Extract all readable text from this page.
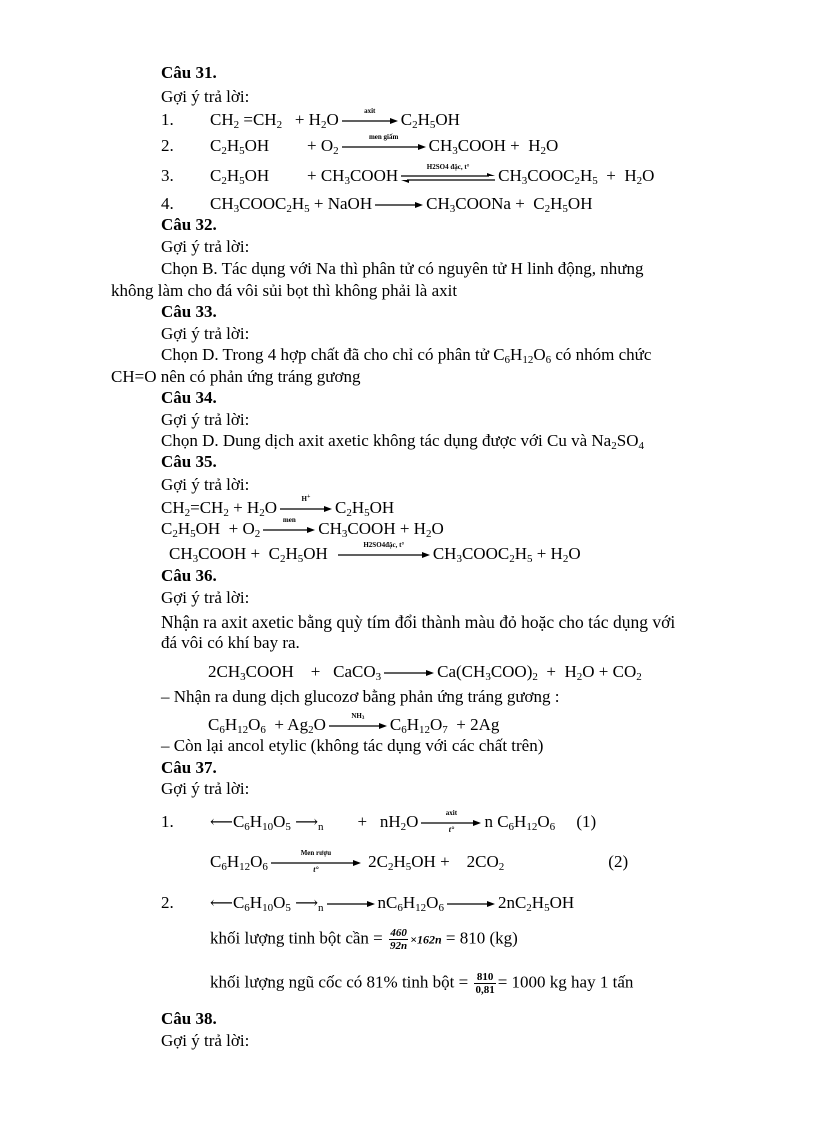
Câu 31.
Gợi ý trả lời:
1. $CH_2 =CH_2 + H_2O$	axit	$C_2H_5OH$
2. $C_2H_5OH + O_2$
men giấm	$CH_3COOH + H_2O$
3. $C_2H_5OH$ + $CH_3COOH$	H2SO4 đặc, t°	$CH_3COOC_2H_5 + H_2O$
4. $CH_3COOC_2H_5$ + NaOH	$CH_3COONa + C_2H_5OH$
Câu 32.
Gợi ý trả lời:
Chọn B. Tác dụng với Na thì phân tử có nguyên tử H linh động, nhưng
không làm cho đá vôi sủi bọt thì không phải là axit
Câu 33.
Gợi ý trả lời:
Chọn D. Trong 4 hợp chất đã cho chỉ có phân tử $C_6H_{12}O_6$ có nhóm chức
CH=O nên có phản ứng tráng gương
Câu 34.
Gợi ý trả lời:
Chọn D. Dung dịch axit axetic không tác dụng được với Cu và $Na_2SO_4$
Câu 35.
Gợi ý trả lời:
$CH_2=CH_2 + H_2O$	H+
$C_2H_5OH$
$C_2H_5OH + O_2$
men	$CH_3COOH + H_2O$
$CH_3COOH + C_2H_5OH$	H2SO4đặc, t°	$CH_3COOC_2H_5 + H_2O$
Câu 36.
Gợi ý trả lời:
Nhận ra axit axetic bằng quỳ tím đổi thành màu đỏ hoặc cho tác dụng với
đá vôi có khí bay ra.
$2CH_3COOH$    +   CaCO$_3$	$Ca(CH_3COO)_2 + H_2O + CO_2$
– Nhận ra dung dịch glucozơ bằng phản ứng tráng gương :
$C_6H_{12}O_6 + Ag_2O$	$NH_3$	$C_6H_{12}O_7 + 2Ag$
– Còn lại ancol etylic (không tác dụng với các chất trên)
Câu 37.
Gợi ý trả lời:
1. $⟵C_6H_{10}O_5$ $⟶_n + nH_2O$	axit
t°	n $C_6H_{12}O_6$     (1)
$C_6H_{12}O_6$
Men rượu
t°	$2C_2H_5OH$ +    $2CO_2$	(2)
2. $⟵C_6H_{10}O_5$ $⟶_n$	$nC_6H_{12}O_6$	$2nC_2H_5OH$
khối lượng tinh bột cần = $\frac{460}{92n} \times 162n = 810$ (kg)
khối lượng ngũ cốc có 81% tinh bột = $\frac{810}{0,81} = 1000$ kg hay 1 tấn
Câu 38.
Gợi ý trả lời:
